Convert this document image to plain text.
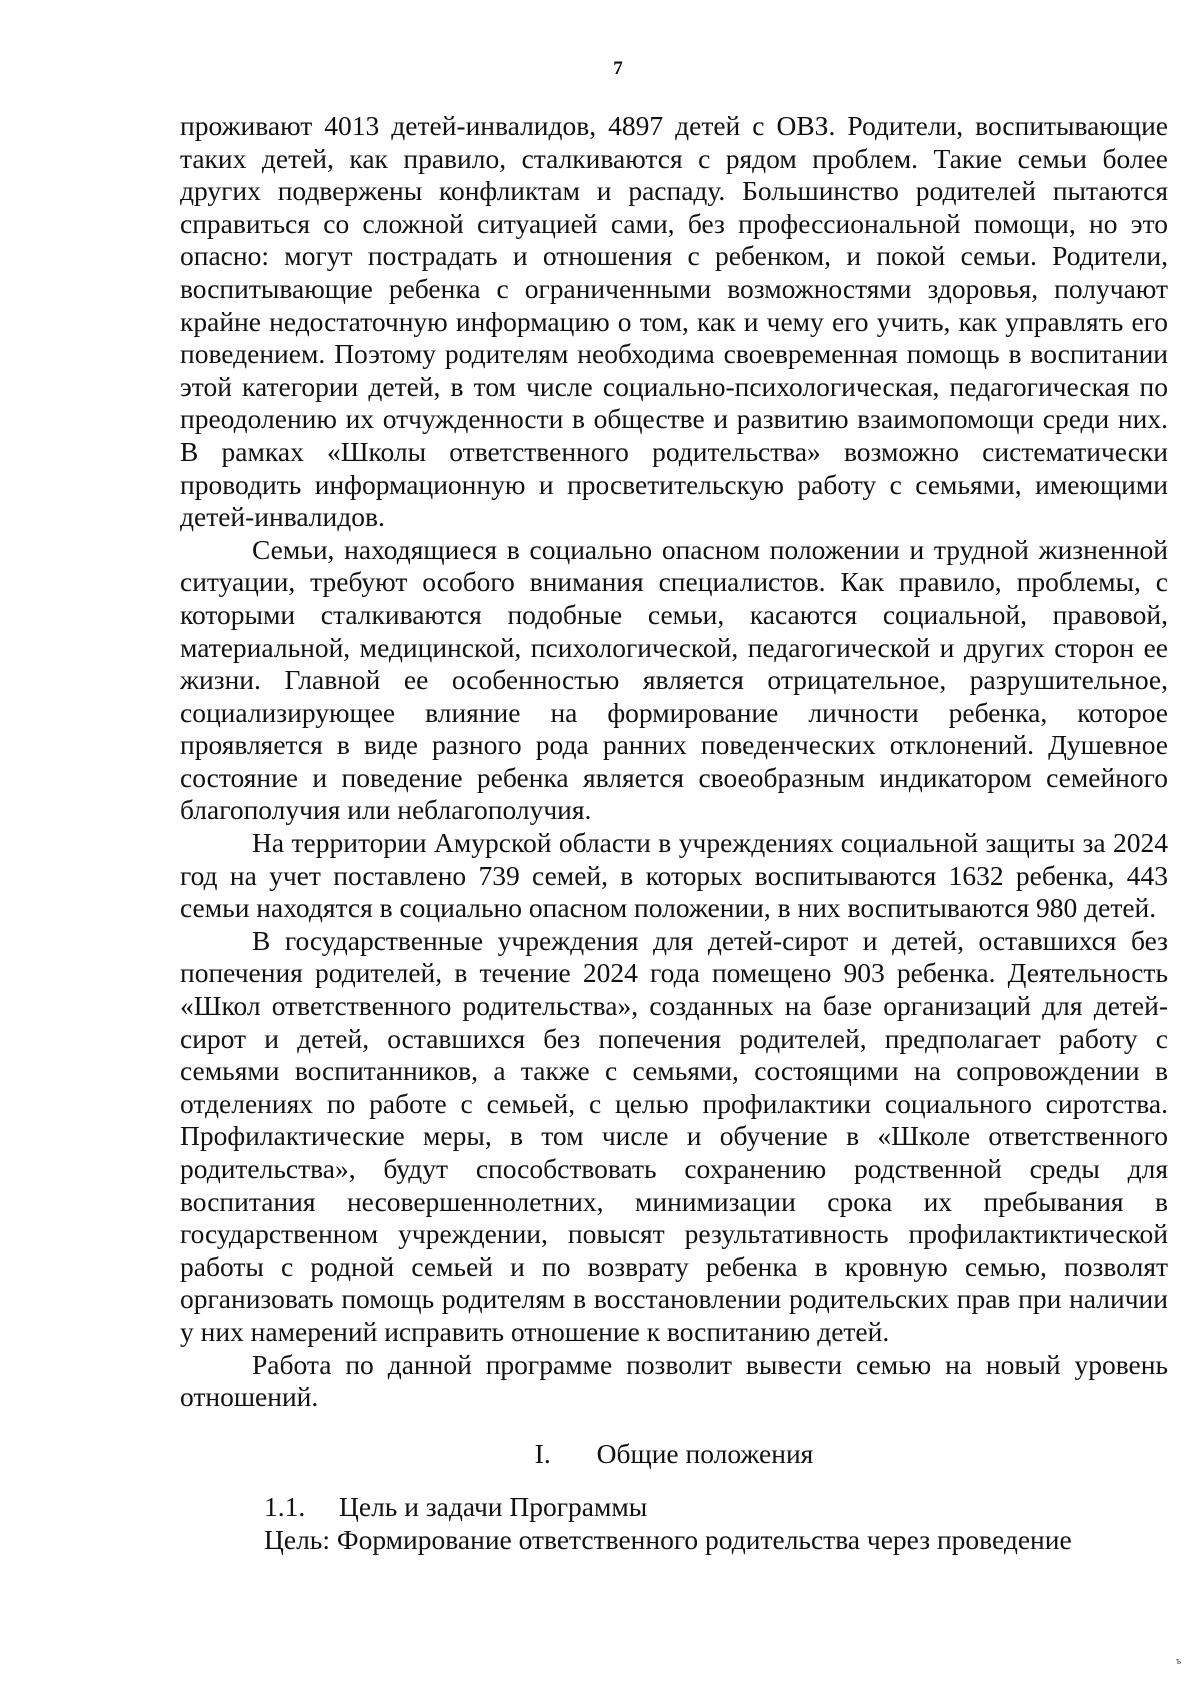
7

проживают 4013 детей-инвалидов, 4897 детей с ОВЗ. Родители, воспитывающие таких детей, как правило, сталкиваются с рядом проблем. Такие семьи более других подвержены конфликтам и распаду. Большинство родителей пытаются справиться со сложной ситуацией сами, без профессиональной помощи, но это опасно: могут пострадать и отношения с ребенком, и покой семьи. Родители, воспитывающие ребенка с ограниченными возможностями здоровья, получают крайне недостаточную информацию о том, как и чему его учить, как управлять его поведением. Поэтому родителям необходима своевременная помощь в воспитании этой категории детей, в том числе социально-психологическая, педагогическая по преодолению их отчужденности в обществе и развитию взаимопомощи среди них. В рамках «Школы ответственного родительства» возможно систематически проводить информационную и просветительскую работу с семьями, имеющими детей-инвалидов.

Семьи, находящиеся в социально опасном положении и трудной жизненной ситуации, требуют особого внимания специалистов. Как правило, проблемы, с которыми сталкиваются подобные семьи, касаются социальной, правовой, материальной, медицинской, психологической, педагогической и других сторон ее жизни. Главной ее особенностью является отрицательное, разрушительное, социализирующее влияние на формирование личности ребенка, которое проявляется в виде разного рода ранних поведенческих отклонений. Душевное состояние и поведение ребенка является своеобразным индикатором семейного благополучия или неблагополучия.

На территории Амурской области в учреждениях социальной защиты за 2024 год на учет поставлено 739 семей, в которых воспитываются 1632 ребенка, 443 семьи находятся в социально опасном положении, в них воспитываются 980 детей.

В государственные учреждения для детей-сирот и детей, оставшихся без попечения родителей, в течение 2024 года помещено 903 ребенка. Деятельность «Школ ответственного родительства», созданных на базе организаций для детей-сирот и детей, оставшихся без попечения родителей, предполагает работу с семьями воспитанников, а также с семьями, состоящими на сопровождении в отделениях по работе с семьей, с целью профилактики социального сиротства. Профилактические меры, в том числе и обучение в «Школе ответственного родительства», будут способствовать сохранению родственной среды для воспитания несовершеннолетних, минимизации срока их пребывания в государственном учреждении, повысят результативность профилактиктической работы с родной семьей и по возврату ребенка в кровную семью, позволят организовать помощь родителям в восстановлении родительских прав при наличии у них намерений исправить отношение к воспитанию детей.

Работа по данной программе позволит вывести семью на новый уровень отношений.

I.	Общие положения
1.1. Цель и задачи Программы

Цель: Формирование ответственного родительства через проведение

ъ
